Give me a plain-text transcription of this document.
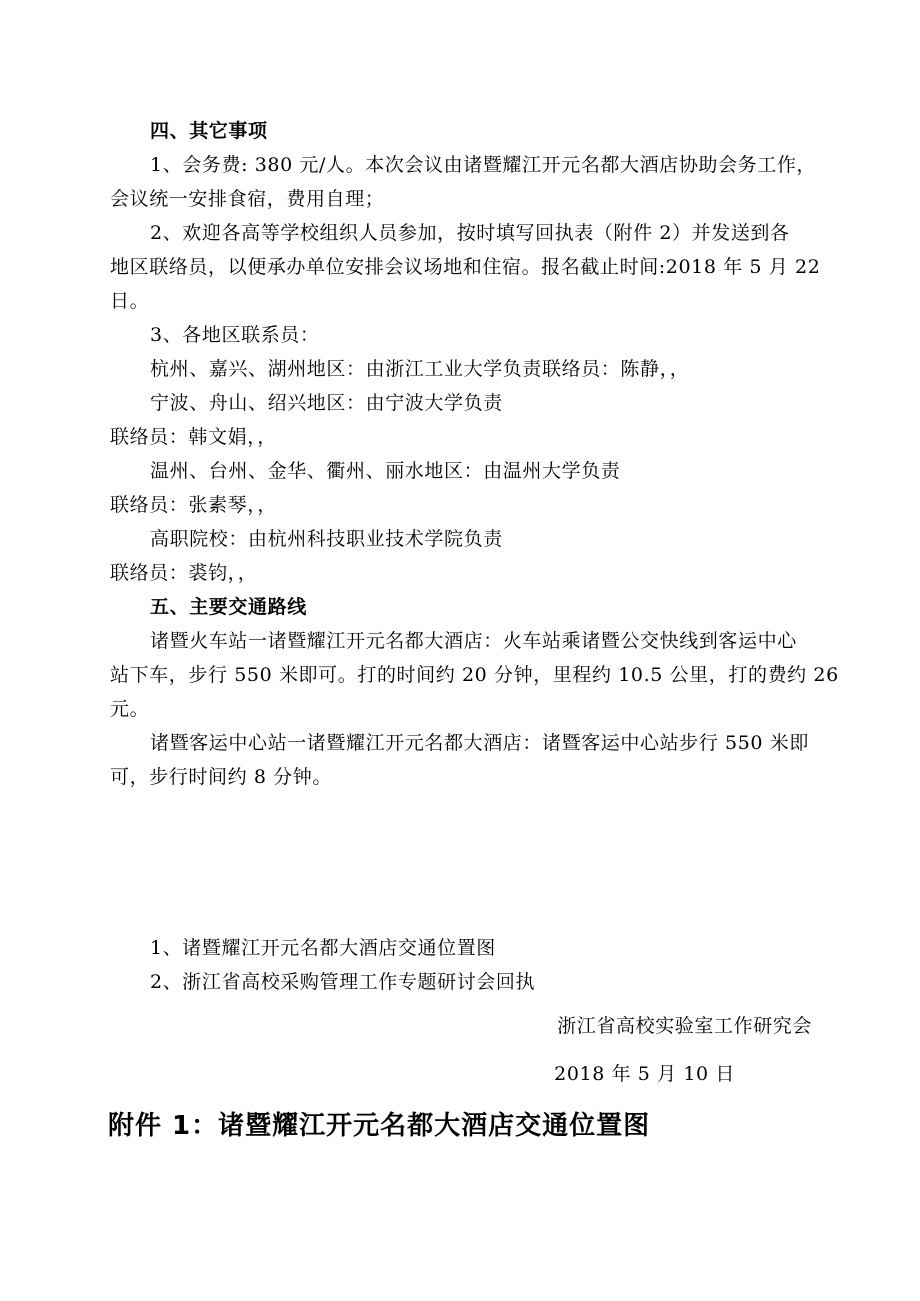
四、其它事项
1、会务费: 380 元/人。本次会议由诸暨耀江开元名都大酒店协助会务工作，
会议统一安排食宿，费用自理；
2、欢迎各高等学校组织人员参加，按时填写回执表（附件 2）并发送到各
地区联络员，以便承办单位安排会议场地和住宿。报名截止时间:2018 年 5 月 22
日。
3、各地区联系员：
杭州、嘉兴、湖州地区：由浙江工业大学负责联络员：陈静，，
宁波、舟山、绍兴地区：由宁波大学负责
联络员：韩文娟，，
温州、台州、金华、衢州、丽水地区：由温州大学负责
联络员：张素琴，，
高职院校：由杭州科技职业技术学院负责
联络员：裘钧，，
五、主要交通路线
诸暨火车站一诸暨耀江开元名都大酒店：火车站乘诸暨公交快线到客运中心
站下车，步行 550 米即可。打的时间约 20 分钟，里程约 10.5 公里，打的费约 26
元。
诸暨客运中心站一诸暨耀江开元名都大酒店：诸暨客运中心站步行 550 米即
可，步行时间约 8 分钟。
1、诸暨耀江开元名都大酒店交通位置图
2、浙江省高校采购管理工作专题研讨会回执
浙江省高校实验室工作研究会
2018 年 5 月 10 日
附件 1：诸暨耀江开元名都大酒店交通位置图
